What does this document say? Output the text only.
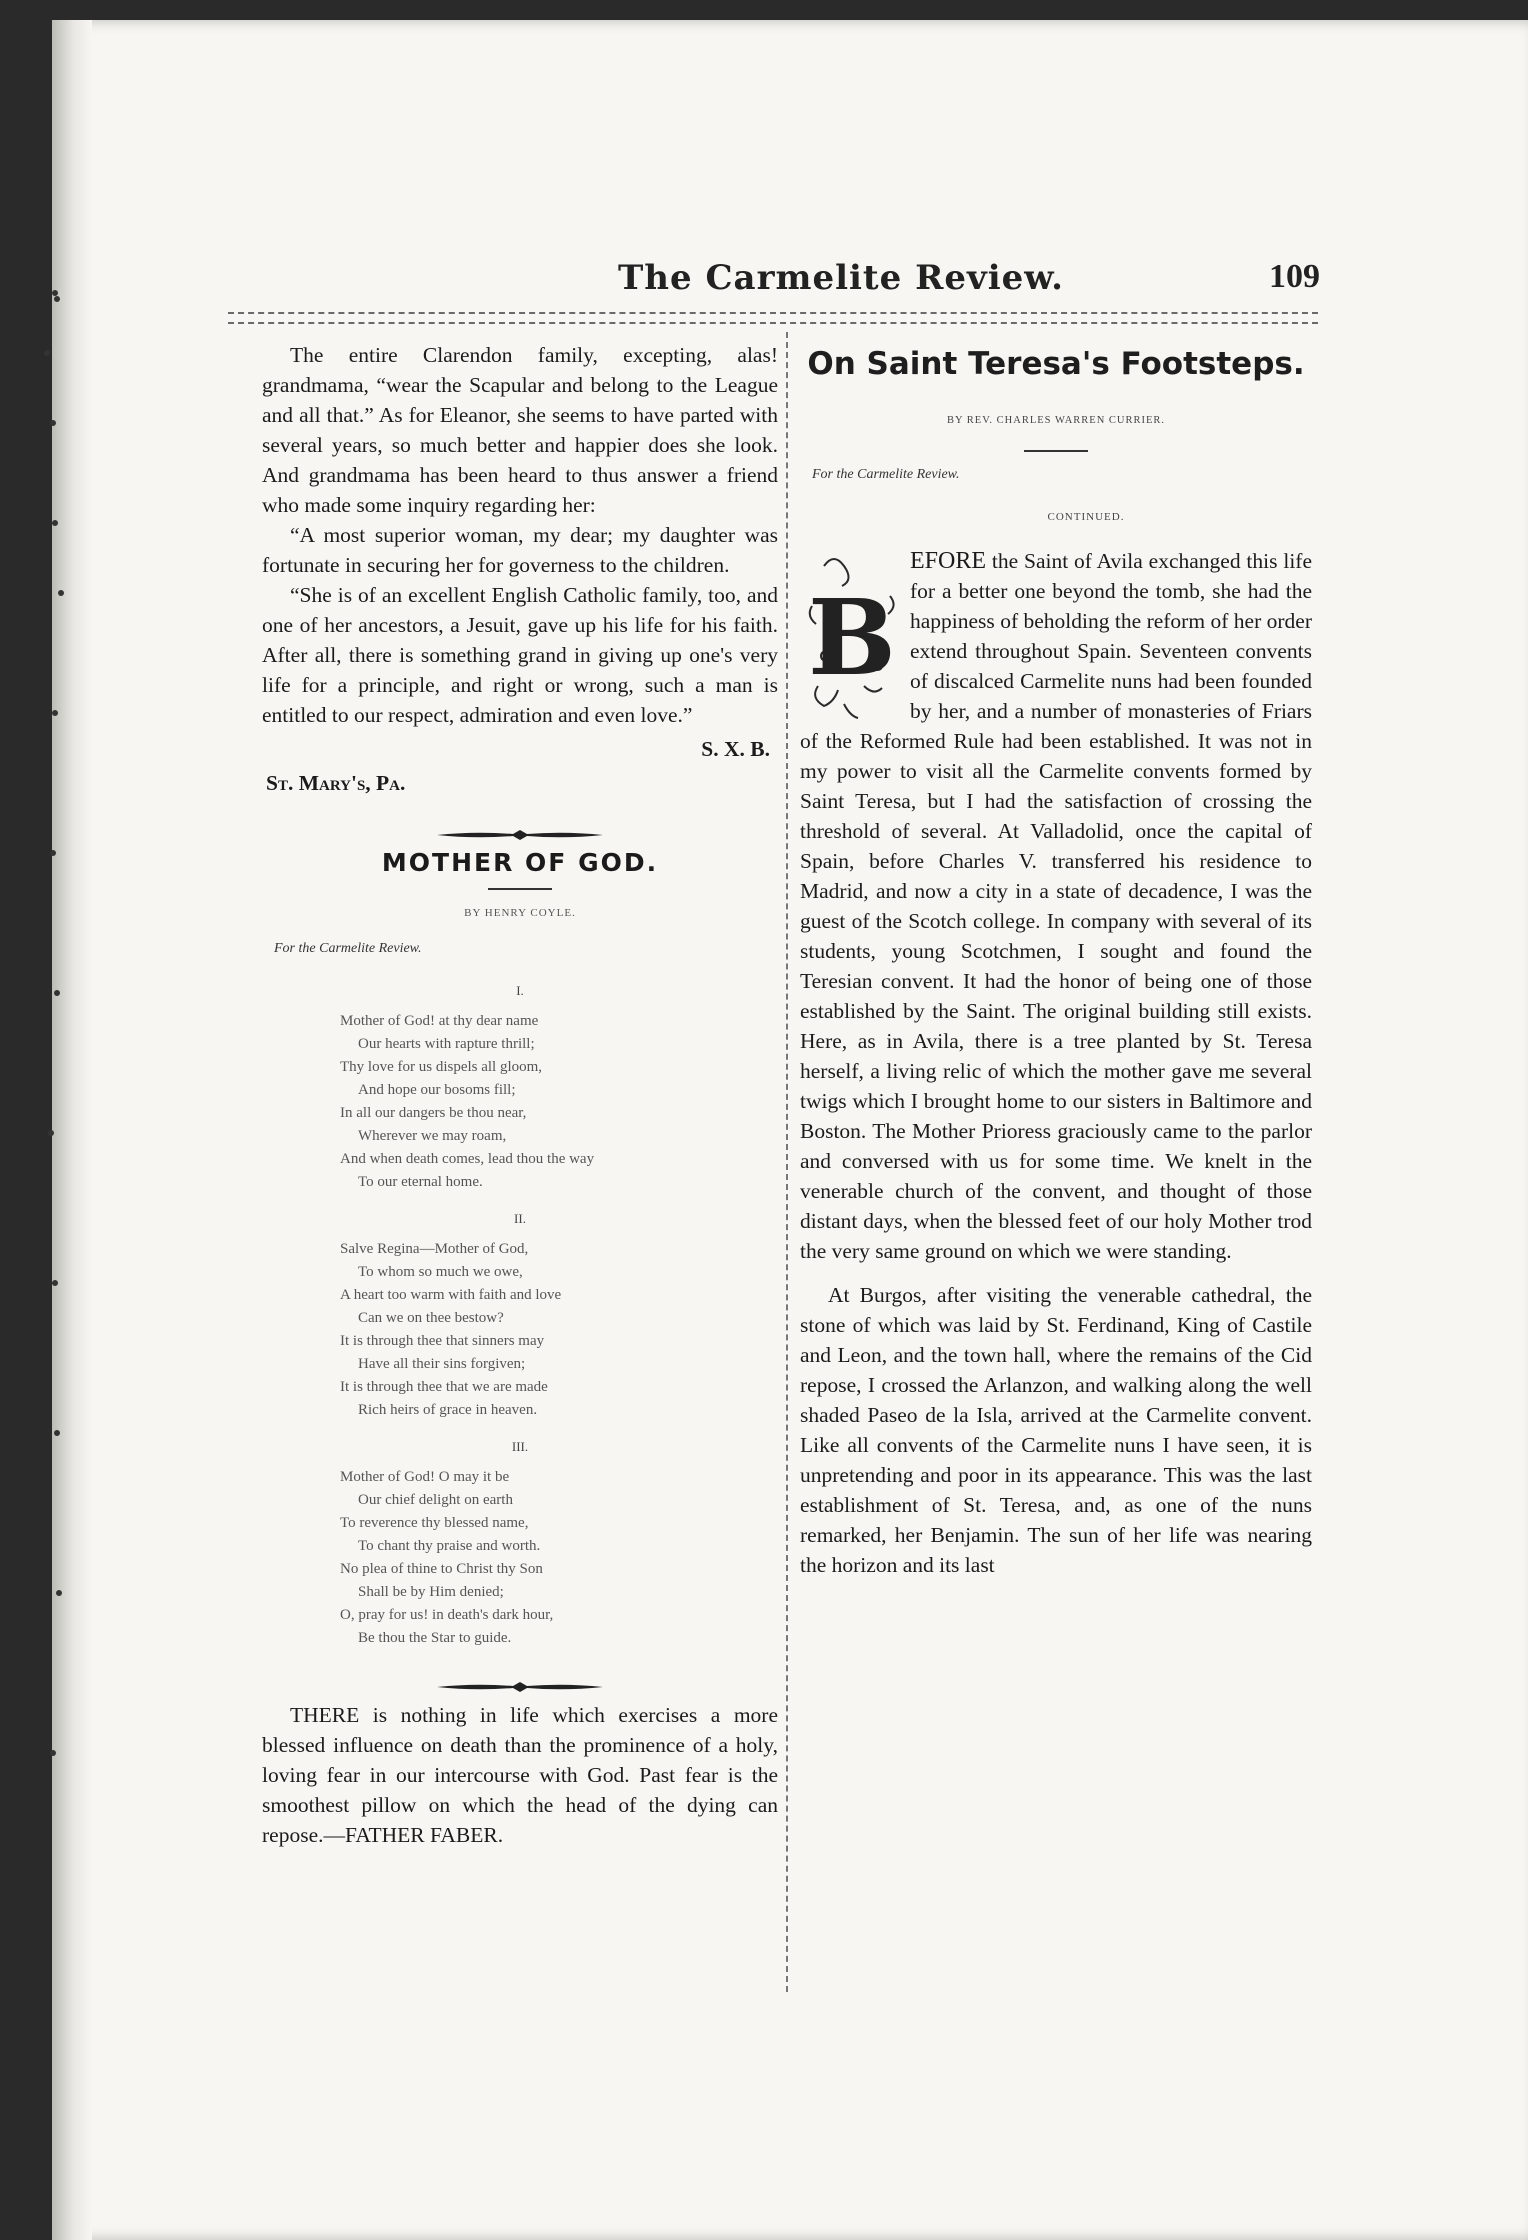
The Carmelite Review.	109

The entire Clarendon family, excepting, alas! grandmama, “wear the Scapular and belong to the League and all that.” As for Eleanor, she seems to have parted with several years, so much better and happier does she look. And grandmama has been heard to thus answer a friend who made some inquiry regarding her:

“A most superior woman, my dear; my daughter was fortunate in securing her for governess to the children.

“She is of an excellent English Catholic family, too, and one of her ancestors, a Jesuit, gave up his life for his faith. After all, there is something grand in giving up one's very life for a principle, and right or wrong, such a man is entitled to our respect, admiration and even love.”

S. X. B.

St. Mary's, Pa.

MOTHER OF GOD.
BY HENRY COYLE.
For the Carmelite Review.
I.
Mother of God! at thy dear name
Our hearts with rapture thrill;
Thy love for us dispels all gloom,
And hope our bosoms fill;
In all our dangers be thou near,
Wherever we may roam,
And when death comes, lead thou the way
To our eternal home.
II.
Salve Regina—Mother of God,
To whom so much we owe,
A heart too warm with faith and love
Can we on thee bestow?
It is through thee that sinners may
Have all their sins forgiven;
It is through thee that we are made
Rich heirs of grace in heaven.
III.
Mother of God! O may it be
Our chief delight on earth
To reverence thy blessed name,
To chant thy praise and worth.
No plea of thine to Christ thy Son
Shall be by Him denied;
O, pray for us! in death's dark hour,
Be thou the Star to guide.

THERE is nothing in life which exercises a more blessed influence on death than the prominence of a holy, loving fear in our intercourse with God. Past fear is the smoothest pillow on which the head of the dying can repose.—FATHER FABER.

On Saint Teresa's Footsteps.
BY REV. CHARLES WARREN CURRIER.
For the Carmelite Review.
CONTINUED.

B
EFORE the Saint of Avila exchanged this life for a better one beyond the tomb, she had the happiness of beholding the reform of her order extend throughout Spain. Seventeen convents of discalced Carmelite nuns had been founded by her, and a number of monasteries of Friars of the Reformed Rule had been established. It was not in my power to visit all the Carmelite convents formed by Saint Teresa, but I had the satisfaction of crossing the threshold of several. At Valladolid, once the capital of Spain, before Charles V. transferred his residence to Madrid, and now a city in a state of decadence, I was the guest of the Scotch college. In company with several of its students, young Scotchmen, I sought and found the Teresian convent. It had the honor of being one of those established by the Saint. The original building still exists. Here, as in Avila, there is a tree planted by St. Teresa herself, a living relic of which the mother gave me several twigs which I brought home to our sisters in Baltimore and Boston. The Mother Prioress graciously came to the parlor and conversed with us for some time. We knelt in the venerable church of the convent, and thought of those distant days, when the blessed feet of our holy Mother trod the very same ground on which we were standing.

At Burgos, after visiting the venerable cathedral, the stone of which was laid by St. Ferdinand, King of Castile and Leon, and the town hall, where the remains of the Cid repose, I crossed the Arlanzon, and walking along the well shaded Paseo de la Isla, arrived at the Carmelite convent. Like all convents of the Carmelite nuns I have seen, it is unpretending and poor in its appearance. This was the last establishment of St. Teresa, and, as one of the nuns remarked, her Benjamin. The sun of her life was nearing the horizon and its last
